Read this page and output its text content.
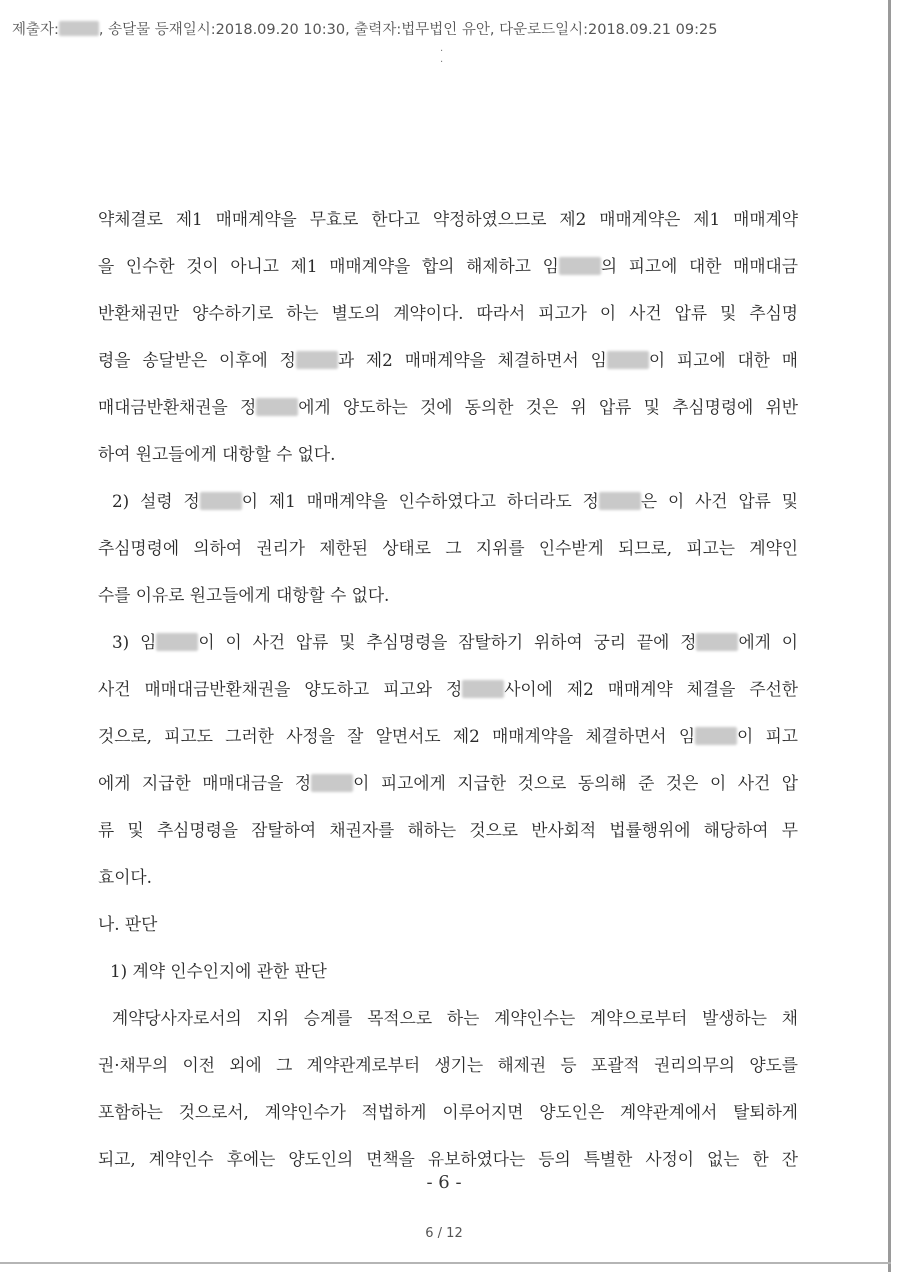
제출자:	, 송달물 등재일시:2018.09.20 10:30, 출력자:법무법인 유안, 다운로드일시:2018.09.21 09:25
· ·
약체결로 제1 매매계약을 무효로 한다고 약정하였으므로 제2 매매계약은 제1 매매계약
을 인수한 것이 아니고 제1 매매계약을 합의 해제하고 임	의 피고에 대한 매매대금
반환채권만 양수하기로 하는 별도의 계약이다. 따라서 피고가 이 사건 압류 및 추심명
령을 송달받은 이후에 정	과 제2 매매계약을 체결하면서 임	이 피고에 대한 매
매대금반환채권을 정	에게 양도하는 것에 동의한 것은 위 압류 및 추심명령에 위반
하여 원고들에게 대항할 수 없다.
2) 설령 정	이 제1 매매계약을 인수하였다고 하더라도 정	은 이 사건 압류 및
추심명령에 의하여 권리가 제한된 상태로 그 지위를 인수받게 되므로, 피고는 계약인
수를 이유로 원고들에게 대항할 수 없다.
3) 임	이 이 사건 압류 및 추심명령을 잠탈하기 위하여 궁리 끝에 정	에게 이
사건 매매대금반환채권을 양도하고 피고와 정	사이에 제2 매매계약 체결을 주선한
것으로, 피고도 그러한 사정을 잘 알면서도 제2 매매계약을 체결하면서 임	이 피고
에게 지급한 매매대금을 정	이 피고에게 지급한 것으로 동의해 준 것은 이 사건 압
류 및 추심명령을 잠탈하여 채권자를 해하는 것으로 반사회적 법률행위에 해당하여 무
효이다.
나. 판단
1) 계약 인수인지에 관한 판단
계약당사자로서의 지위 승계를 목적으로 하는 계약인수는 계약으로부터 발생하는 채
권·채무의 이전 외에 그 계약관계로부터 생기는 해제권 등 포괄적 권리의무의 양도를
포함하는 것으로서, 계약인수가 적법하게 이루어지면 양도인은 계약관계에서 탈퇴하게
되고, 계약인수 후에는 양도인의 면책을 유보하였다는 등의 특별한 사정이 없는 한 잔
- 6 -
6 / 12
